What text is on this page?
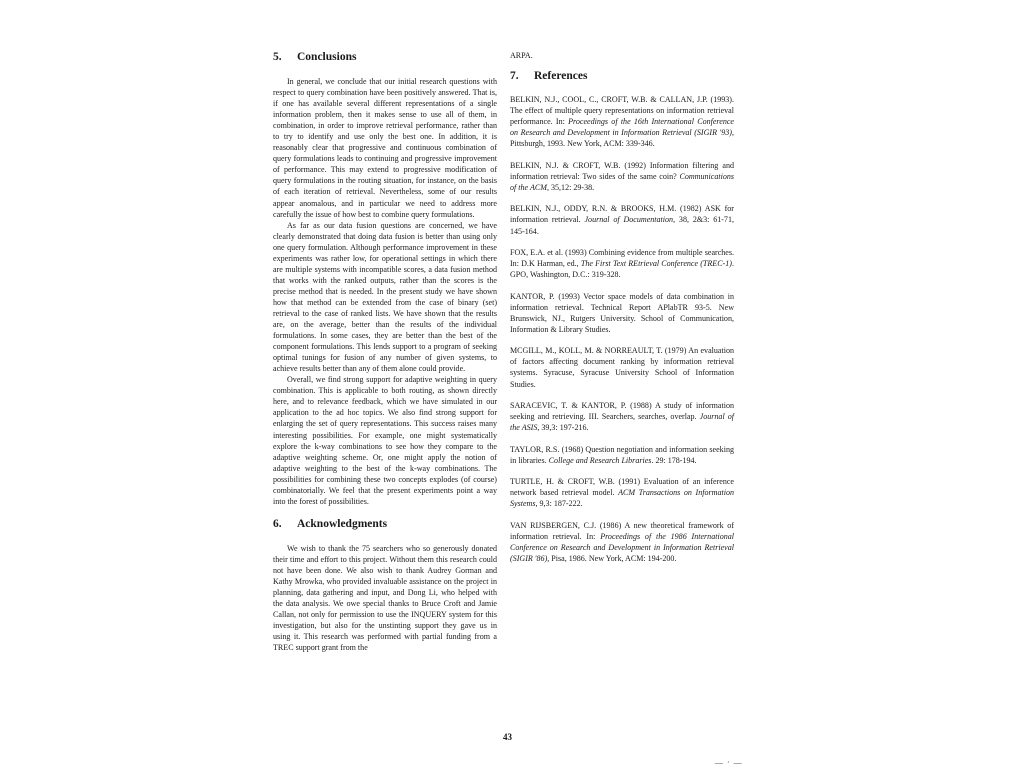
5. Conclusions

In general, we conclude that our initial research questions with respect to query combination have been positively answered. That is, if one has available several different representations of a single information problem, then it makes sense to use all of them, in combination, in order to improve retrieval performance, rather than to try to identify and use only the best one. In addition, it is reasonably clear that progressive and continuous combination of query formulations leads to continuing and progressive improvement of performance. This may extend to progressive modification of query formulations in the routing situation, for instance, on the basis of each iteration of retrieval. Nevertheless, some of our results appear anomalous, and in particular we need to address more carefully the issue of how best to combine query formulations.

As far as our data fusion questions are concerned, we have clearly demonstrated that doing data fusion is better than using only one query formulation. Although performance improvement in these experiments was rather low, for operational settings in which there are multiple systems with incompatible scores, a data fusion method that works with the ranked outputs, rather than the scores is the precise method that is needed. In the present study we have shown how that method can be extended from the case of binary (set) retrieval to the case of ranked lists. We have shown that the results are, on the average, better than the results of the individual formulations. In some cases, they are better than the best of the component formulations. This lends support to a program of seeking optimal tunings for fusion of any number of given systems, to achieve results better than any of them alone could provide.

Overall, we find strong support for adaptive weighting in query combination. This is applicable to both routing, as shown directly here, and to relevance feedback, which we have simulated in our application to the ad hoc topics. We also find strong support for enlarging the set of query representations. This success raises many interesting possibilities. For example, one might systematically explore the k-way combinations to see how they compare to the adaptive weighting scheme. Or, one might apply the notion of adaptive weighting to the best of the k-way combinations. The possibilities for combining these two concepts explodes (of course) combinatorially. We feel that the present experiments point a way into the forest of possibilities.

6. Acknowledgments

We wish to thank the 75 searchers who so generously donated their time and effort to this project. Without them this research could not have been done. We also wish to thank Audrey Gorman and Kathy Mrowka, who provided invaluable assistance on the project in planning, data gathering and input, and Dong Li, who helped with the data analysis. We owe special thanks to Bruce Croft and Jamie Callan, not only for permission to use the INQUERY system for this investigation, but also for the unstinting support they gave us in using it. This research was performed with partial funding from a TREC support grant from the

ARPA.

7. References

BELKIN, N.J., COOL, C., CROFT, W.B. & CALLAN, J.P. (1993). The effect of multiple query representations on information retrieval performance. In: Proceedings of the 16th International Conference on Research and Development in Information Retrieval (SIGIR '93), Pittsburgh, 1993. New York, ACM: 339-346.

BELKIN, N.J. & CROFT, W.B. (1992) Information filtering and information retrieval: Two sides of the same coin? Communications of the ACM, 35,12: 29-38.

BELKIN, N.J., ODDY, R.N. & BROOKS, H.M. (1982) ASK for information retrieval. Journal of Documentation, 38, 2&3: 61-71, 145-164.

FOX, E.A. et al. (1993) Combining evidence from multiple searches. In: D.K Harman, ed., The First Text REtrieval Conference (TREC-1). GPO, Washington, D.C.: 319-328.

KANTOR, P. (1993) Vector space models of data combination in information retrieval. Technical Report APlabTR 93-5. New Brunswick, NJ., Rutgers University. School of Communication, Information & Library Studies.

MCGILL, M., KOLL, M. & NORREAULT, T. (1979) An evaluation of factors affecting document ranking by information retrieval systems. Syracuse, Syracuse University School of Information Studies.

SARACEVIC, T. & KANTOR, P. (1988) A study of information seeking and retrieving. III. Searchers, searches, overlap. Journal of the ASIS, 39,3: 197-216.

TAYLOR, R.S. (1968) Question negotiation and information seeking in libraries. College and Research Libraries. 29: 178-194.

TURTLE, H. & CROFT, W.B. (1991) Evaluation of an inference network based retrieval model. ACM Transactions on Information Systems, 9,3: 187-222.

VAN RIJSBERGEN, C.J. (1986) A new theoretical framework of information retrieval. In: Proceedings of the 1986 International Conference on Research and Development in Information Retrieval (SIGIR '86), Pisa, 1986. New York, ACM: 194-200.

43
— · —
